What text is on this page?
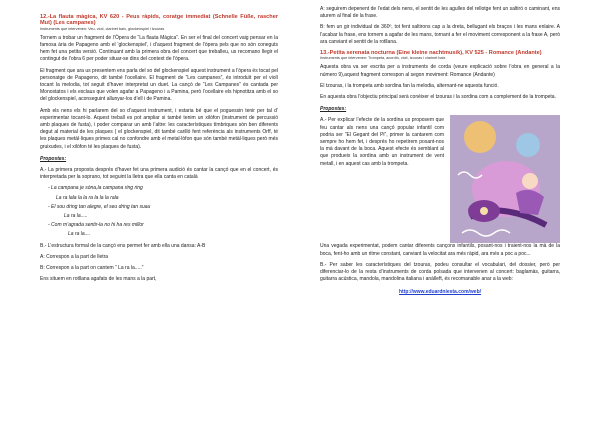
12.-La flauta màgica, KV 620 - Peus ràpids, coratge immediat (Schnelle Füße, rascher Mut) (Les campanes)

Instruments que intervenen: Veu, violí, clarinet baix, glockenspiel i tzouras

Tornem a trobar un fragment de l’Òpera de “La flauta Màgica”. En ser el final del concert vaig pensar en la famosa ària de Papageno amb el ‘glockenspiel’, i d’aquest fragment de l’òpera pels que no són coneguts hem fet una petita versió. Continuant amb la primera obra del concert que treballeu, us recomano llegir el contingut de l’obra 6 per poder situar-se dins del context de l’òpera.

El fragment que ara us presentem ens parla del so del glockenspiel aquest instrument a l’òpera és tocat pel personatge de Papageno, dit també l’ocellaire. El fragment de “Les campanes”, és introduït per el violí tocant la melodia, tot seguit d’haver interpretat un duet. La cançó de “Les Campanes” és cantada per Monostatos i els esclaus que volen agafar a Papageno i a Pamina, però l’ocellaire els hipnotitza amb el so del glockenspiel, aconseguint allunyar-los d’ell i de Pamina.

Amb els nens els hi parlarem del so d’aquest instrument, i estaria bé que el poguessin tenir per tal d’ experimentar tocant-lo. Aquest treball es pot ampliar si també tenim un xilòfon (instrument de percussió amb plaques de fusta), i poder comparar un amb l’altre: les característiques tímbriques són ben diferents degut al material de les plaques ( el glockenspiel, dit també carilló fent referència als instruments Orff, té les plaques metàl·liques primes cal no confondre amb el metal·lòfon que són també metàl·liques però més gruixudes, i el xilòfon té les plaques de fusta).

Propostes:

A.- La primera proposta després d’haver fet una primera audició és cantar la cançó que en el concert, és interpretada per la soprano, tot seguint la lletra que ella canta en català

- La campana je sóna,la campana ring ring

La ra lala la la ra la la la rala

- El sou dring tan alegre, el seu dring tan suau

La ra la.....

- Com m’agrada sentir-la no hi ha res millor

La ra la....

B.- L’estructura formal de la cançó ens permet fer amb ella una dansa: A-B

A: Correspon a la part de lletra

B: Correspon a la part on cantem “ La ra la.....”

Ens situem en rotllana agafats de les mans a la part,

A: seguirem depenent de l’edat dels nens, el sentit de les agulles del rellotge fent un saltiró o caminant, ens aturem al final de la frase.

B: fem un gir individual de 360º, tot fent saltirons cap a la dreta, bellugant els braços i les mans enlaire. A l’acabar la frase, ens tornem a agafar de les mans, tornant a fer el moviment corresponent a la frase A, però ara canviant el sentit de la rotllana.

13.-Petita serenata nocturna (Eine kleine nachtmusik), KV 525 - Romance (Andante)

Instruments que intervenen: Trompeta, acordió, violí, tzouras i clarinet baix

Aquesta obra va ser escrita per a instruments de corda (veure explicació sobre l’obra en general a la número 9),aquest fragment correspon al segon moviment: Romance (Andante)

El tzouras, i la trompeta amb sordina fan la melodia, alternant-ne aquesta funció.

En aquesta obra l’objectiu principal serà conèixer el tzouras i la sordina com a complement de la trompeta.

Propostes:

A.- Per explicar l’efecte de la sordina us proposem que feu cantar als nens una cançó popular infantil com podria ser “El Gegant del Pi”, primer la cantarem com sempre ho hem fet, i després ho repetirem posant-nos la mà davant de la boca. Aquest efecte és semblant al que produeix la sordina amb un instrument de vent metall, i en aquest cas amb la trompeta.

Una vegada experimentat, podem cantar diferents cançons infantils, posant-nos i traient-nos la mà de la boca, fent-ho amb un ritme constant, canviant la velocitat ara més ràpid, ara més a poc a poc...

B.- Per saber les característiques del tzouras, podeu consultar el vocabulari, del dossier, però per diferenciar-lo de la resta d’instruments de corda polsada que intervenen al concert: baglamàs, guitarra, guitarra acústica, mandola, mandolina italiana i anàlleft, és recomanable anar a la web:

http://www.eduardniesta.com/web/
